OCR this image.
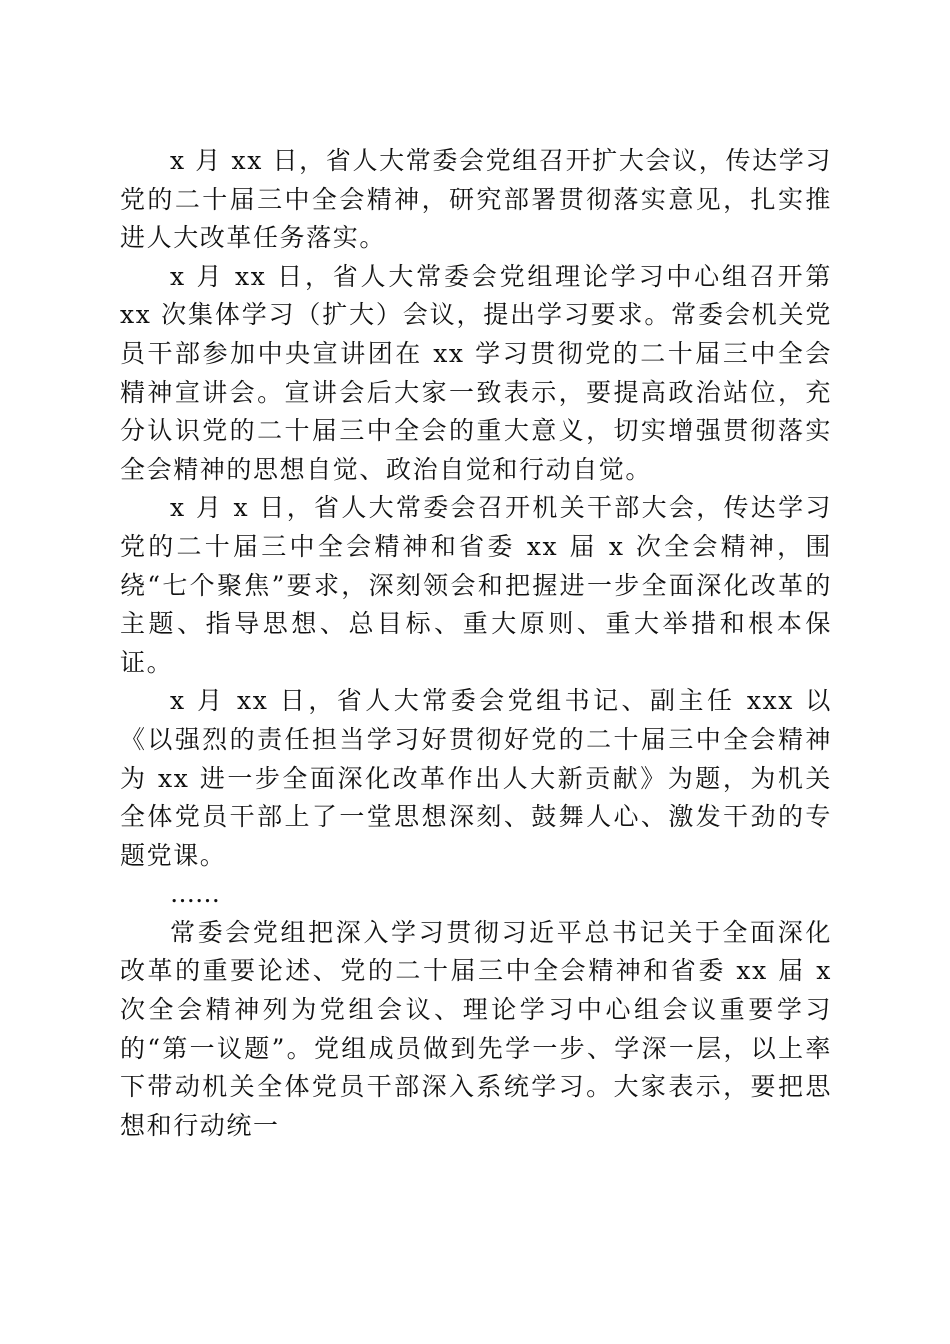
x 月 xx 日，省人大常委会党组召开扩大会议，传达学习党的二十届三中全会精神，研究部署贯彻落实意见，扎实推进人大改革任务落实。

x 月 xx 日，省人大常委会党组理论学习中心组召开第 xx 次集体学习（扩大）会议，提出学习要求。常委会机关党员干部参加中央宣讲团在 xx 学习贯彻党的二十届三中全会精神宣讲会。宣讲会后大家一致表示，要提高政治站位，充分认识党的二十届三中全会的重大意义，切实增强贯彻落实全会精神的思想自觉、政治自觉和行动自觉。

x 月 x 日，省人大常委会召开机关干部大会，传达学习党的二十届三中全会精神和省委 xx 届 x 次全会精神，围绕“七个聚焦”要求，深刻领会和把握进一步全面深化改革的主题、指导思想、总目标、重大原则、重大举措和根本保证。

x 月 xx 日，省人大常委会党组书记、副主任 xxx 以《以强烈的责任担当学习好贯彻好党的二十届三中全会精神为 xx 进一步全面深化改革作出人大新贡献》为题，为机关全体党员干部上了一堂思想深刻、鼓舞人心、激发干劲的专题党课。

……

常委会党组把深入学习贯彻习近平总书记关于全面深化改革的重要论述、党的二十届三中全会精神和省委 xx 届 x 次全会精神列为党组会议、理论学习中心组会议重要学习的“第一议题”。党组成员做到先学一步、学深一层，以上率下带动机关全体党员干部深入系统学习。大家表示，要把思想和行动统一
